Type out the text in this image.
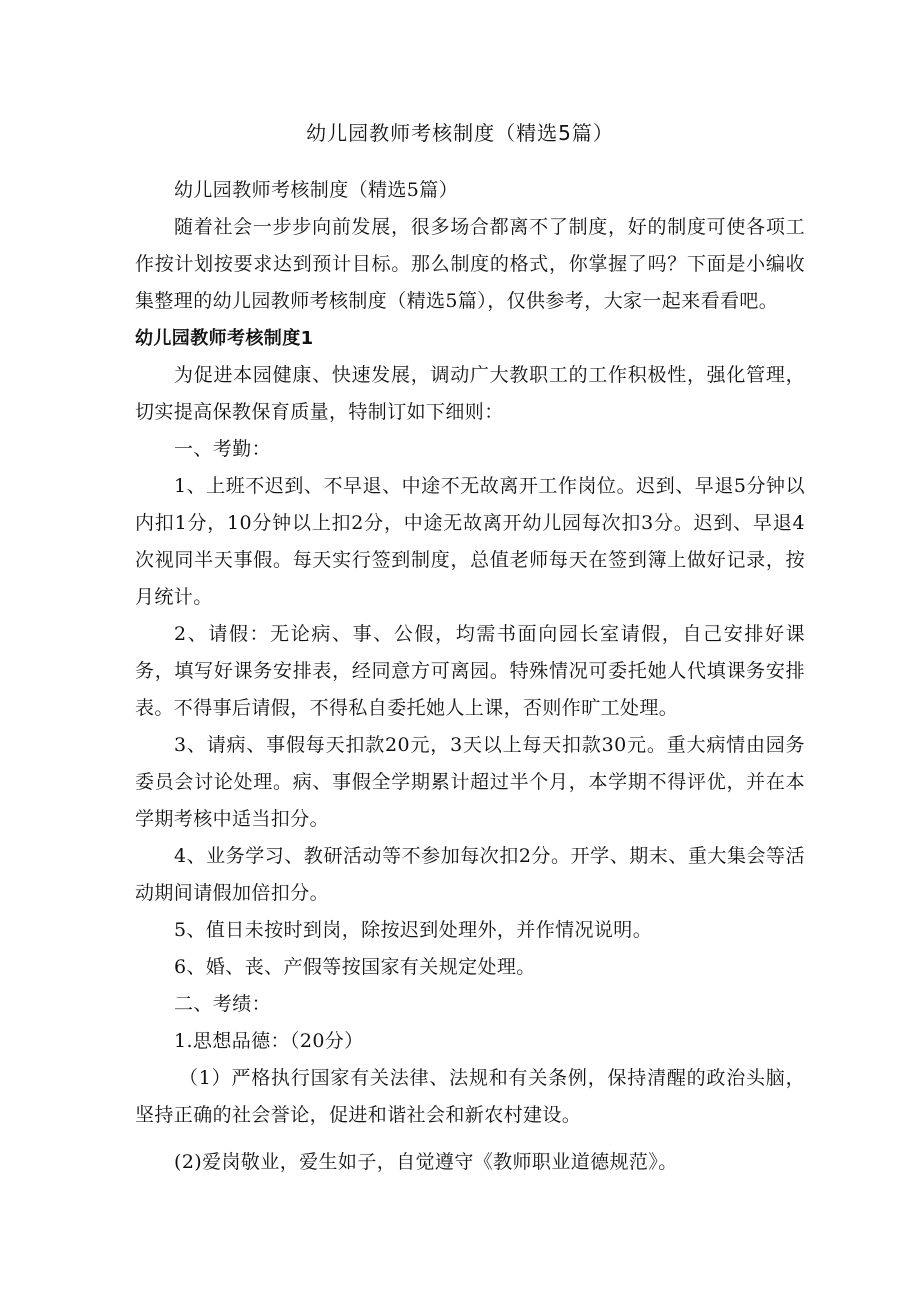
幼儿园教师考核制度（精选5篇）

幼儿园教师考核制度（精选5篇）

随着社会一步步向前发展，很多场合都离不了制度，好的制度可使各项工作按计划按要求达到预计目标。那么制度的格式，你掌握了吗？下面是小编收集整理的幼儿园教师考核制度（精选5篇），仅供参考，大家一起来看看吧。

幼儿园教师考核制度1

为促进本园健康、快速发展，调动广大教职工的工作积极性，强化管理，切实提高保教保育质量，特制订如下细则：

一、考勤：

1、上班不迟到、不早退、中途不无故离开工作岗位。迟到、早退5分钟以内扣1分，10分钟以上扣2分，中途无故离开幼儿园每次扣3分。迟到、早退4次视同半天事假。每天实行签到制度，总值老师每天在签到簿上做好记录，按月统计。

2、请假：无论病、事、公假，均需书面向园长室请假，自己安排好课务，填写好课务安排表，经同意方可离园。特殊情况可委托她人代填课务安排表。不得事后请假，不得私自委托她人上课，否则作旷工处理。

3、请病、事假每天扣款20元，3天以上每天扣款30元。重大病情由园务委员会讨论处理。病、事假全学期累计超过半个月，本学期不得评优，并在本学期考核中适当扣分。

4、业务学习、教研活动等不参加每次扣2分。开学、期末、重大集会等活动期间请假加倍扣分。

5、值日未按时到岗，除按迟到处理外，并作情况说明。

6、婚、丧、产假等按国家有关规定处理。

二、考绩：

1.思想品德：（20分）

（1）严格执行国家有关法律、法规和有关条例，保持清醒的政治头脑，坚持正确的社会誉论，促进和谐社会和新农村建设。

(2)爱岗敬业，爱生如子，自觉遵守《教师职业道德规范》。
